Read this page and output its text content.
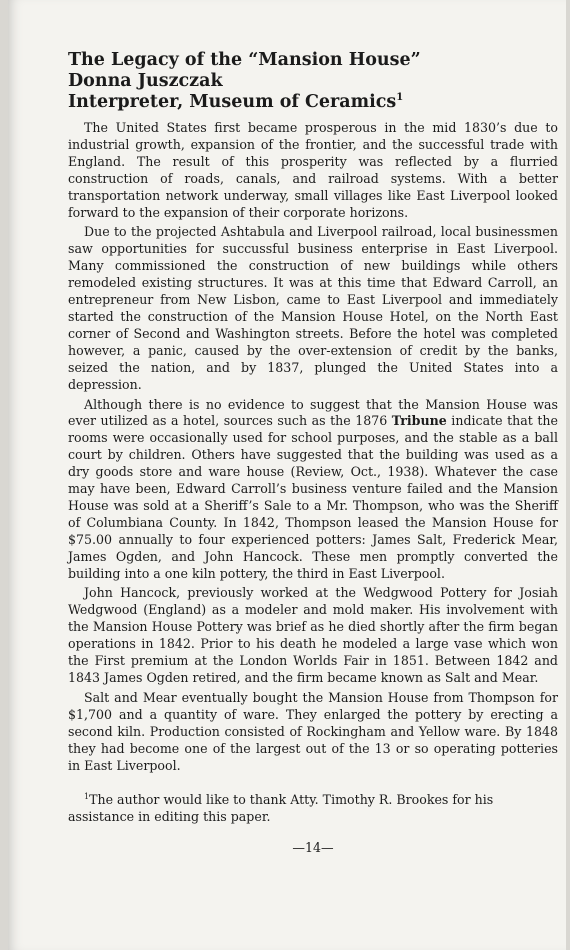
The Legacy of the “Mansion House”
Donna Juszczak
Interpreter, Museum of Ceramics$^1$

The United States first became prosperous in the mid 1830’s due to industrial growth, expansion of the frontier, and the successful trade with England. The result of this prosperity was reflected by a flurried construction of roads, canals, and railroad systems. With a better transportation network underway, small villages like East Liverpool looked forward to the expansion of their corporate horizons.

Due to the projected Ashtabula and Liverpool railroad, local businessmen saw opportunities for succussful business enterprise in East Liverpool. Many commissioned the construction of new buildings while others remodeled existing structures. It was at this time that Edward Carroll, an entrepreneur from New Lisbon, came to East Liverpool and immediately started the construction of the Mansion House Hotel, on the North East corner of Second and Washington streets. Before the hotel was completed however, a panic, caused by the over-extension of credit by the banks, seized the nation, and by 1837, plunged the United States into a depression.

Although there is no evidence to suggest that the Mansion House was ever utilized as a hotel, sources such as the 1876 Tribune indicate that the rooms were occasionally used for school purposes, and the stable as a ball court by children. Others have suggested that the building was used as a dry goods store and ware house (Review, Oct., 1938). Whatever the case may have been, Edward Carroll’s business venture failed and the Mansion House was sold at a Sheriff’s Sale to a Mr. Thompson, who was the Sheriff of Columbiana County. In 1842, Thompson leased the Mansion House for $75.00 annually to four experienced potters: James Salt, Frederick Mear, James Ogden, and John Hancock. These men promptly converted the building into a one kiln pottery, the third in East Liverpool.

John Hancock, previously worked at the Wedgwood Pottery for Josiah Wedgwood (England) as a modeler and mold maker. His involvement with the Mansion House Pottery was brief as he died shortly after the firm began operations in 1842. Prior to his death he modeled a large vase which won the First premium at the London Worlds Fair in 1851. Between 1842 and 1843 James Ogden retired, and the firm became known as Salt and Mear.

Salt and Mear eventually bought the Mansion House from Thompson for $1,700 and a quantity of ware. They enlarged the pottery by erecting a second kiln. Production consisted of Rockingham and Yellow ware. By 1848 they had become one of the largest out of the 13 or so operating potteries in East Liverpool.

$^1$The author would like to thank Atty. Timothy R. Brookes for his assistance in editing this paper.
—14—
